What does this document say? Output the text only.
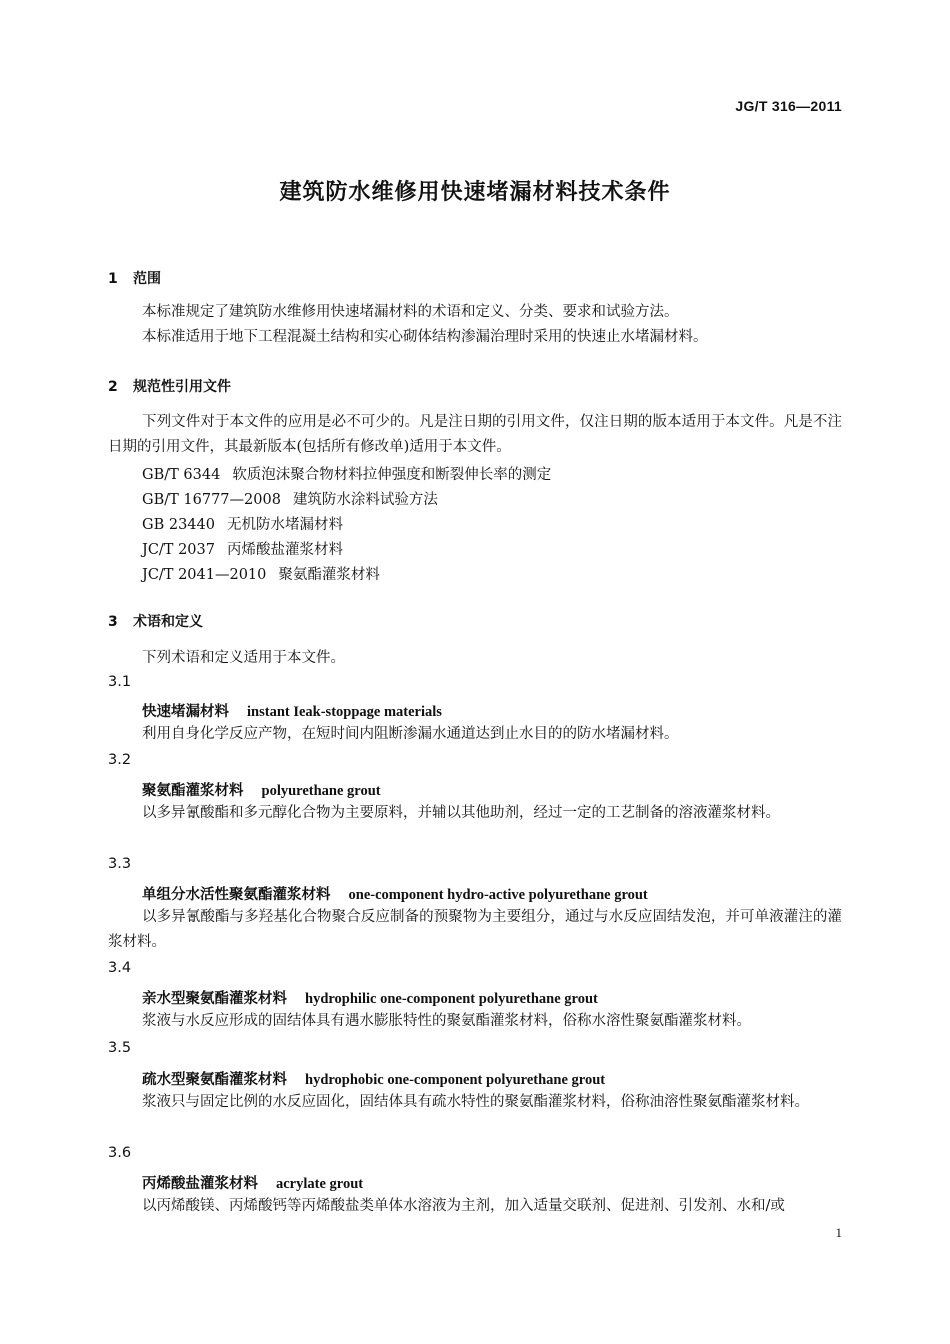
JG/T 316—2011
建筑防水维修用快速堵漏材料技术条件
1 范围

本标准规定了建筑防水维修用快速堵漏材料的术语和定义、分类、要求和试验方法。

本标准适用于地下工程混凝土结构和实心砌体结构渗漏治理时采用的快速止水堵漏材料。

2 规范性引用文件

下列文件对于本文件的应用是必不可少的。凡是注日期的引用文件，仅注日期的版本适用于本文件。凡是不注日期的引用文件，其最新版本(包括所有修改单)适用于本文件。

GB/T 6344 软质泡沫聚合物材料拉伸强度和断裂伸长率的测定
GB/T 16777—2008 建筑防水涂料试验方法
GB 23440 无机防水堵漏材料
JC/T 2037 丙烯酸盐灌浆材料
JC/T 2041—2010 聚氨酯灌浆材料
3 术语和定义

下列术语和定义适用于本文件。

3.1
快速堵漏材料 instant Ieak-stoppage materials

利用自身化学反应产物，在短时间内阻断渗漏水通道达到止水目的的防水堵漏材料。

3.2
聚氨酯灌浆材料 polyurethane grout

以多异氰酸酯和多元醇化合物为主要原料，并辅以其他助剂，经过一定的工艺制备的溶液灌浆材料。

3.3
单组分水活性聚氨酯灌浆材料 one-component hydro-active polyurethane grout

以多异氰酸酯与多羟基化合物聚合反应制备的预聚物为主要组分，通过与水反应固结发泡，并可单液灌注的灌浆材料。

3.4
亲水型聚氨酯灌浆材料 hydrophilic one-component polyurethane grout

浆液与水反应形成的固结体具有遇水膨胀特性的聚氨酯灌浆材料，俗称水溶性聚氨酯灌浆材料。

3.5
疏水型聚氨酯灌浆材料 hydrophobic one-component polyurethane grout

浆液只与固定比例的水反应固化，固结体具有疏水特性的聚氨酯灌浆材料，俗称油溶性聚氨酯灌浆材料。

3.6
丙烯酸盐灌浆材料 acrylate grout

以丙烯酸镁、丙烯酸钙等丙烯酸盐类单体水溶液为主剂，加入适量交联剂、促进剂、引发剂、水和/或

1
